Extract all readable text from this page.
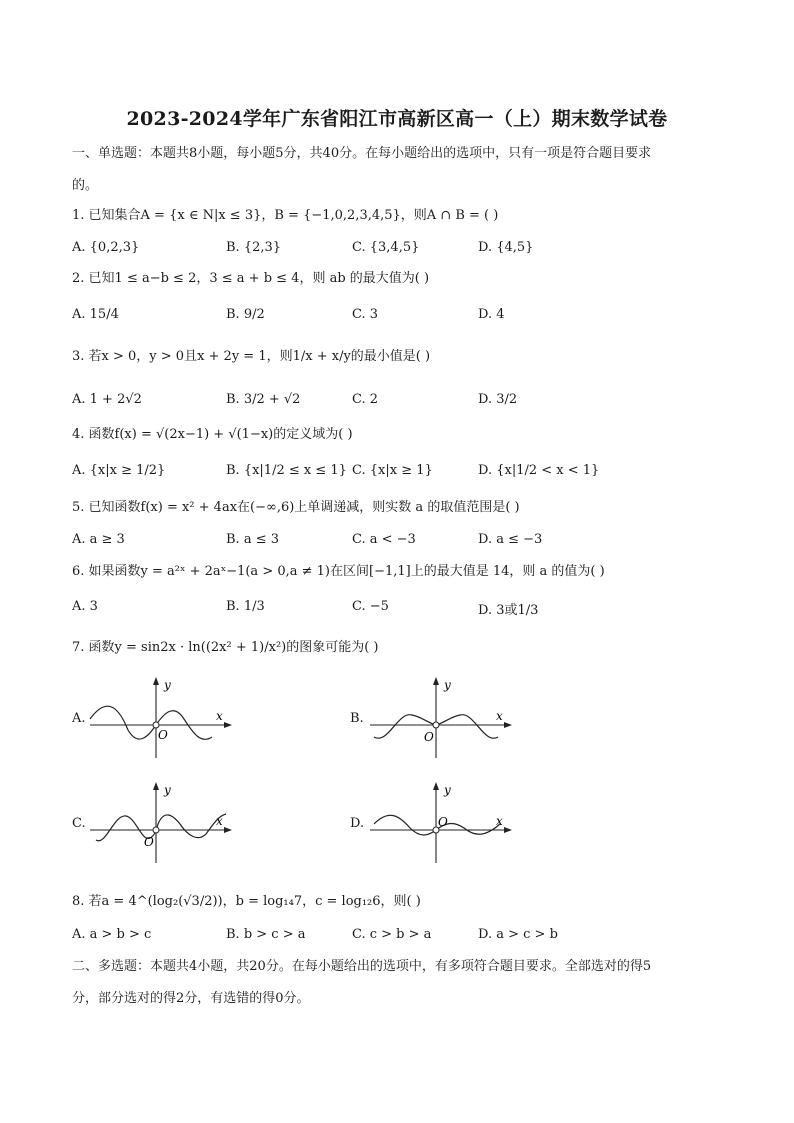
2023-2024学年广东省阳江市高新区高一（上）期末数学试卷
一、单选题：本题共8小题，每小题5分，共40分。在每小题给出的选项中，只有一项是符合题目要求
的。
1. 已知集合A = {x ∈ N|x ≤ 3}，B = {−1,0,2,3,4,5}，则A ∩ B = ( )
A. {0,2,3}	B. {2,3}	C. {3,4,5}	D. {4,5}
2. 已知1 ≤ a−b ≤ 2，3 ≤ a + b ≤ 4，则 ab 的最大值为( )
A. 15/4	B. 9/2	C. 3	D. 4
3. 若x > 0，y > 0且x + 2y = 1，则1/x + x/y的最小值是( )
A. 1 + 2√2	B. 3/2 + √2	C. 2	D. 3/2
4. 函数f(x) = √(2x−1) + √(1−x)的定义域为( )
A. {x|x ≥ 1/2}	B. {x|1/2 ≤ x ≤ 1} C. {x|x ≥ 1}	D. {x|1/2 < x < 1}
5. 已知函数f(x) = x² + 4ax在(−∞,6)上单调递减，则实数 a 的取值范围是( )
A. a ≥ 3	B. a ≤ 3	C. a < −3	D. a ≤ −3
6. 如果函数y = a²ˣ + 2aˣ−1(a > 0,a ≠ 1)在区间[−1,1]上的最大值是 14，则 a 的值为( )
A. 3	B. 1/3	C. −5	D. 3或1/3
7. 函数y = sin2x · ln((2x² + 1)/x²)的图象可能为( )
A.	B.
C.	D.
y
x
O
y
x
O
y
x
O
y
x
O
8. 若a = 4^(log₂(√3/2))，b = log₁₄7，c = log₁₂6，则( )
A. a > b > c	B. b > c > a	C. c > b > a	D. a > c > b
二、多选题：本题共4小题，共20分。在每小题给出的选项中，有多项符合题目要求。全部选对的得5
分，部分选对的得2分，有选错的得0分。
